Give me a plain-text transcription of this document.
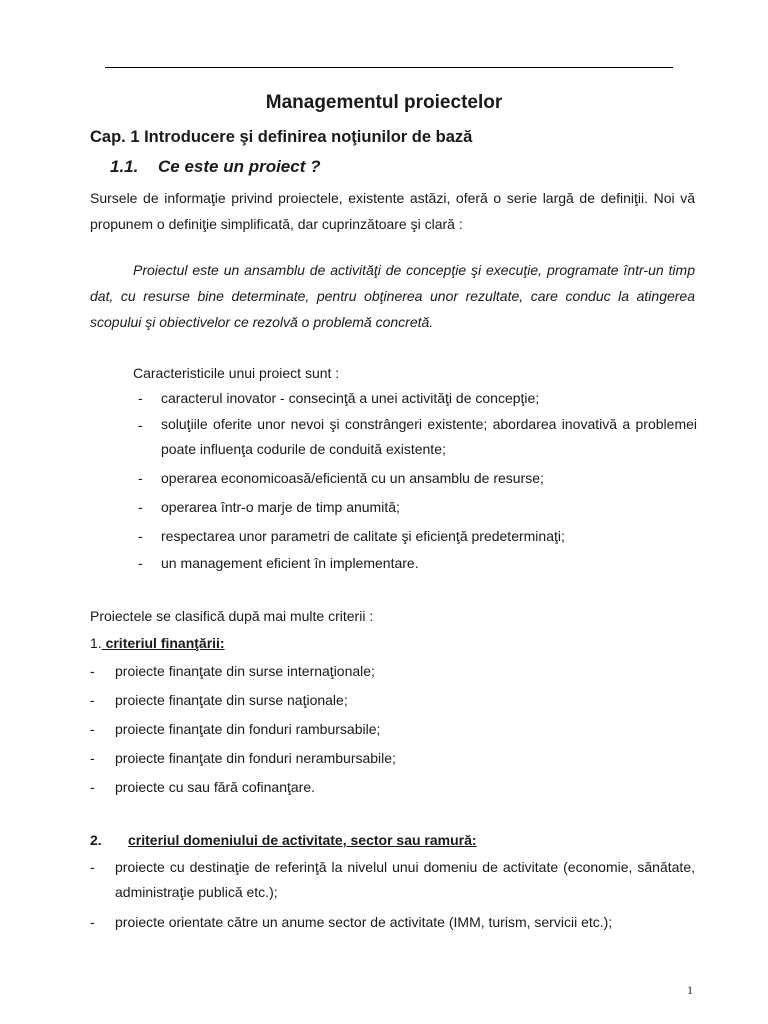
Managementul proiectelor
Cap. 1 Introducere şi definirea noţiunilor de bază
1.1. Ce este un proiect ?
Sursele de informaţie privind proiectele, existente astăzi, oferă o serie largă de definiţii. Noi vă propunem o definiţie simplificată, dar cuprinzătoare şi clară :
Proiectul este un ansamblu de activităţi de concepţie şi execuţie, programate într-un timp dat, cu resurse bine determinate, pentru obţinerea unor rezultate, care conduc la atingerea scopului şi obiectivelor ce rezolvă o problemă concretă.
Caracteristicile unui proiect sunt :
- caracterul inovator - consecinţă a unei activităţi de concepţie;
- soluţiile oferite unor nevoi şi constrângeri existente; abordarea inovativă a problemei poate influenţa codurile de conduită existente;
- operarea economicoasă/eficientă cu un ansamblu de resurse;
- operarea într-o marje de timp anumită;
- respectarea unor parametri de calitate şi eficienţă predeterminaţi;
- un management eficient în implementare.
Proiectele se clasifică după mai multe criterii :
1. criteriul finanţării:
- proiecte finanţate din surse internaţionale;
- proiecte finanţate din surse naţionale;
- proiecte finanţate din fonduri rambursabile;
- proiecte finanţate din fonduri nerambursabile;
- proiecte cu sau fără cofinanţare.
2. criteriul domeniului de activitate, sector sau ramură:
- proiecte cu destinaţie de referinţă la nivelul unui domeniu de activitate (economie, sănătate, administraţie publică etc.);
- proiecte orientate către un anume sector de activitate (IMM, turism, servicii etc.);
1
